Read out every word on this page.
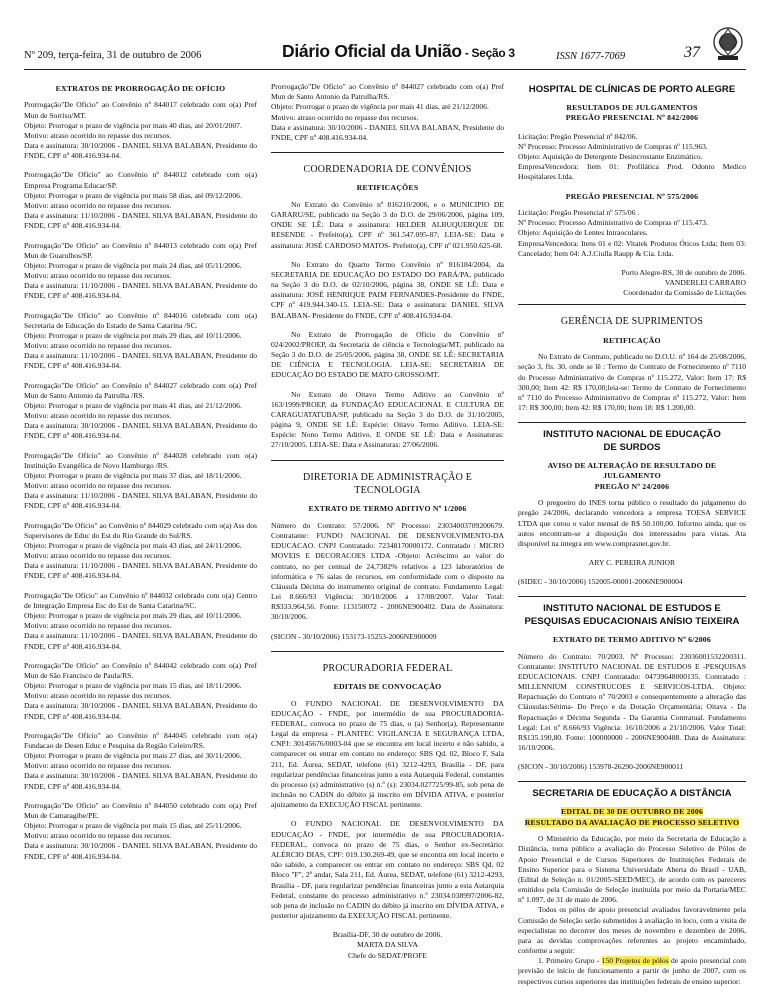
Nº 209, terça-feira, 31 de outubro de 2006	Diário Oficial da União - Seção 3	ISSN 1677-7069	37
EXTRATOS DE PRORROGAÇÃO DE OFÍCIO

Prorrogação"De Ofício" ao Convênio nº 844017 celebrado com o(a) Pref Mun de Sorriso/MT.

Objeto: Prorrogar o prazo de vigência por mais 40 dias, até 20/01/2007.

Motivo: atraso ocorrido no repasse dos recursos.

Data e assinatura: 30/10/2006 - DANIEL SILVA BALABAN, Presidente do FNDE, CPF nº 408.416.934-04.

Prorrogação"De Ofício" ao Convênio nº 844012 celebrado com o(a) Empresa Programa Educar/SP.

Objeto: Prorrogar o prazo de vigência por mais 58 dias, até 09/12/2006.

Motivo: atraso ocorrido no repasse dos recursos.

Data e assinatura: 11/10/2006 - DANIEL SILVA BALABAN, Presidente do FNDE, CPF nº 408.416.934-04.

Prorrogação"De Ofício" ao Convênio nº 844013 celebrado com o(a) Pref Mun de Guarulhos/SP.

Objeto: Prorrogar o prazo de vigência por mais 24 dias, até 05/11/2006.

Motivo: atraso ocorrido no repasse dos recursos.

Data e assinatura: 11/10/2006 - DANIEL SILVA BALABAN, Presidente do FNDE, CPF nº 408.416.934-04.

Prorrogação"De Ofício" ao Convênio nº 844016 celebrado com o(a) Secretaria de Educação do Estado de Santa Catarina /SC.

Objeto: Prorrogar o prazo de vigência por mais 29 dias, até 10/11/2006.

Motivo: atraso ocorrido no repasse dos recursos.

Data e assinatura: 11/10/2006 - DANIEL SILVA BALABAN, Presidente do FNDE, CPF nº 408.416.934-04.

Prorrogação"De Ofício" ao Convênio nº 844027 celebrado com o(a) Pref Mun de Santo Antonio da Patrulha /RS.

Objeto: Prorrogar o prazo de vigência por mais 41 dias, até 21/12/2006.

Motivo: atraso ocorrido no repasse dos recursos.

Data e assinatura: 30/10/2006 - DANIEL SILVA BALABAN, Presidente do FNDE, CPF nº 408.416.934-04.

Prorrogação"De Ofício" ao Convênio nº 844028 celebrado com o(a) Instituição Evangélica de Novo Hamburgo /RS.

Objeto: Prorrogar o prazo de vigência por mais 37 dias, até 18/11/2006.

Motivo: atraso ocorrido no repasse dos recursos.

Data e assinatura: 11/10/2006 - DANIEL SILVA BALABAN, Presidente do FNDE, CPF nº 408.416.934-04.

Prorrogação"De Ofício" ao Convênio nº 844029 celebrado com o(a) Ass dos Supervisores de Educ do Est do Rio Grande do Sul/RS.

Objeto: Prorrogar o prazo de vigência por mais 43 dias, até 24/11/2006.

Motivo: atraso ocorrido no repasse dos recursos.

Data e assinatura: 11/10/2006 - DANIEL SILVA BALABAN, Presidente do FNDE, CPF nº 408.416.934-04.

Prorrogação"De Ofício" ao Convênio nº 844032 celebrado com o(a) Centro de Integração Empresa Esc do Est de Santa Catarina/SC.

Objeto: Prorrogar o prazo de vigência por mais 29 dias, até 10/11/2006.

Motivo: atraso ocorrido no repasse dos recursos.

Data e assinatura: 11/10/2006 - DANIEL SILVA BALABAN, Presidente do FNDE, CPF nº 408.416.934-04.

Prorrogação"De Ofício" ao Convênio nº 844042 celebrado com o(a) Pref Mun de São Francisco de Paula/RS.

Objeto: Prorrogar o prazo de vigência por mais 15 dias, até 18/11/2006.

Motivo: atraso ocorrido no repasse dos recursos.

Data e assinatura: 30/10/2006 - DANIEL SILVA BALABAN, Presidente do FNDE, CPF nº 408.416.934-04.

Prorrogação"De Ofício" ao Convênio nº 844045 celebrado com o(a) Fundacao de Desen Educ e Pesquisa da Região Celeiro/RS.

Objeto: Prorrogar o prazo de vigência por mais 27 dias, até 30/11/2006.

Motivo: atraso ocorrido no repasse dos recursos.

Data e assinatura: 30/10/2006 - DANIEL SILVA BALABAN, Presidente do FNDE, CPF nº 408.416.934-04.

Prorrogação"De Ofício" ao Convênio nº 844050 celebrado com o(a) Pref Mun de Camaragibe/PE.

Objeto: Prorrogar o prazo de vigência por mais 15 dias, até 25/11/2006.

Motivo: atraso ocorrido no repasse dos recursos.

Data e assinatura: 30/10/2006 - DANIEL SILVA BALABAN, Presidente do FNDE, CPF nº 408.416.934-04.

Prorrogação"De Ofício" ao Convênio nº 844027 celebrado com o(a) Pref Mun de Santo Antonio da Patrulha/RS.

Objeto: Prorrogar o prazo de vigência por mais 41 dias, até 21/12/2006.

Motivo: atraso ocorrido no repasse dos recursos.

Data e assinatura: 30/10/2006 - DANIEL SILVA BALABAN, Presidente do FNDE, CPF nº 408.416.934-04.

COORDENADORIA DE CONVÊNIOS
RETIFICAÇÕES

No Extrato do Convênio nº 816210/2006, e o MUNICIPIO DE GARARU/SE, publicado na Seção 3 do D.O. de 29/06/2006, página 109, ONDE SE LÊ: Data e assinatura: HELDER ALBUQUERQUE DE RESENDE - Prefeito(a), CPF nº 361.547.095-87; LEIA-SE: Data e assinatura: JOSÉ CARDOSO MATOS- Prefeito(a), CPF nº 021.950.625-68.

No Extrato do Quarto Termo Convênio nº 816184/2004, da SECRETARIA DE EDUCAÇÃO DO ESTADO DO PARÁ/PA, publicado na Seção 3 do D.O. de 02/10/2006, página 38, ONDE SE LÊ: Data e assinatura: JOSÉ HENRIQUE PAIM FERNANDES-Presidente do FNDE, CPF nº 419.944.340-15. LEIA-SE: Data e assinatura: DANIEL SILVA BALABAN- Presidente do FNDE, CPF nº 408.416.934-04.

No Extrato de Prorrogação de Ofício do Convênio nº 024/2002/PROEP, da Secretaria de ciência e Tecnologia/MT, publicado na Seção 3 do D.O. de 25/05/2006, página 38, ONDE SE LÊ: SECRETARIA DE CIÊNCIA E TECNOLOGIA. LEIA-SE: SECRETARIA DE EDUCAÇÃO DO ESTADO DE MATO GROSSO/MT.

No Extrato do Oitavo Termo Aditivo ao Convênio nº 163/1999/PROEP, da FUNDAÇÃO EDUCACIONAL E CULTURA DE CARAGUATATUBA/SP, publicado na Seção 3 do D.O. de 31/10/2005, página 9, ONDE SE LÊ: Espécie: Oitavo Termo Aditivo. LEIA-SE: Espécie: Nono Termo Aditivo. E ONDE SE LÊ: Data e Assinaturas: 27/10/2005. LEIA-SE: Data e Assinaturas: 27/06/2006.

DIRETORIA DE ADMINISTRAÇÃO E TECNOLOGIA
EXTRATO DE TERMO ADITIVO Nº 1/2006

Número do Contrato: 57/2006. Nº Processo: 23034003709200679. Contratante: FUNDO NACIONAL DE DESENVOLVIMENTO-DA EDUCACAO. CNPJ Contratado: 72348170000172. Contratado : MICRO MOVEIS E DECORACOES LTDA -Objeto: Acréscimo ao valor do contrato, no per centual de 24,7382% relativos a 123 laboratórios de informática e 76 salas de recursos, em conformidade com o disposto na Cláusula Décima do instrumento original de contrato. Fundamento Legal: Lei 8.666/93 Vigência: 30/10/2006 a 17/08/2007. Valor Total: R$333.964,56. Fonte: 113150072 - 2006NE900402. Data de Assinatura: 30/10/2006.

(SICON - 30/10/2006) 153173-15253-2006NE900009

PROCURADORIA FEDERAL
EDITAIS DE CONVOCAÇÃO

O FUNDO NACIONAL DE DESENVOLVIMENTO DA EDUCAÇÃO - FNDE, por intermédio de sua PROCURADORIA-FEDERAL, convoca no prazo de 75 dias, o (a) Senhor(a), Representante Legal da empresa - PLANITEC VIGILANCIA E SEGURANÇA LTDA, CNPJ: 30145676/0003-04 que se encontra em local incerto e não sabido, a comparecer ou entrar em contato no endereço: SBS Qd. 02, Bloco F, Sala 211, Ed. Áurea, SEDAT, telefone (61) 3212-4293, Brasília - DF, para regularizar pendências financeiras junto a esta Autarquia Federal, constantes do processo (s) administrativo (s) n.º (s): 23034.027725/99-85, sob pena de inclusão no CADIN do débito já inscrito em DÍVIDA ATIVA, e posterior ajuizamento da EXECUÇÃO FISCAL pertinente.

O FUNDO NACIONAL DE DESENVOLVIMENTO DA EDUCAÇÃO - FNDE, por intermédio de sua PROCURADORIA-FEDERAL, convoca no prazo de 75 dias, o Senhor ex-Secretário: ALÉRCIO DIAS, CPF: 019.130.269-49, que se encontra em local incerto e não sabido, a comparecer ou entrar em contato no endereço: SBS Qd. 02 Bloco "F", 2º andar, Sala 211, Ed. Áurea, SEDAT, telefone (61) 3212-4293, Brasília - DF, para regularizar pendências financeiras junto a esta Autarquia Federal, constante do processo administrativo n.º 23034.038997/2006-82, sob pena de inclusão no CADIN do débito já inscrito em DÍVIDA ATIVA, e posterior ajuizamento da EXECUÇÃO FISCAL pertinente.

Brasília-DF, 30 de outubro de 2006.

MARTA DA SILVA

Chefe do SEDAT/PROFE

HOSPITAL DE CLÍNICAS DE PORTO ALEGRE
RESULTADOS DE JULGAMENTOS
PREGÃO PRESENCIAL Nº 842/2006

Licitação: Pregão Presencial nº 842/06.

Nº Processo: Processo Administrativo de Compras nº 115.963.

Objeto: Aquisição de Detergente Desincrostante Enzimático.

EmpresaVencedora: Item 01: Profilática Prod. Odonto Medico Hospitalares Ltda.

PREGÃO PRESENCIAL Nº 575/2006

Licitação: Pregão Presencial nº 575/06 .

Nº Processo: Processo Administrativo de Compras nº 115.473.

Objeto: Aquisição de Lentes Intraoculares.

EmpresaVencedora: Itens 01 e 02: Vitatek Produtos Óticos Ltda; Item 03: Cancelado; Item 04: A.J.Ciulla Raupp & Cia. Ltda.

Porto Alegre-RS, 30 de outubro de 2006.

VANDERLEI CARRARO

Coordenador da Comissão de Licitações

GERÊNCIA DE SUPRIMENTOS
RETIFICAÇÃO

No Extrato de Contrato, publicado no D.O.U. nº 164 de 25/08/2006, seção 3, fls. 30, onde se lê : Termo de Contrato de Fornecimento nº 7110 do Processo Administrativo de Compras nº 115.272, Valor: Item 17: R$ 300,00; Item 42: R$ 170,00;leia-se: Termo de Contrato de Fornecimento nº 7110 do Processo Administrativo de Compras nº 115.272, Valor: Item 17: R$ 300,00; Item 42: R$ 170,00; Item 18: R$ 1.200,00.

INSTITUTO NACIONAL DE EDUCAÇÃO
DE SURDOS
AVISO DE ALTERAÇÃO DE RESULTADO DE JULGAMENTO
PREGÃO Nº 24/2006

O pregoeiro do INES torna público o resultado do julgamento do pregão 24/2006, declarando vencedora a empresa TOESA SERVICE LTDA que cotou o valor mensal de R$ 50.100,00. Informo ainda, que os autos encontram-se a disposição dos interessados para vistas. Ata disponível na integra em www.comprasnet.gov.br.

ARY C. PEREIRA JUNIOR

(SIDEC - 30/10/2006) 152005-00001-2006NE900004

INSTITUTO NACIONAL DE ESTUDOS E
PESQUISAS EDUCACIONAIS ANÍSIO TEIXEIRA
EXTRATO DE TERMO ADITIVO Nº 6/2006

Número do Contrato: 70/2003. Nº Processo: 23036001532200311. Contratante: INSTITUTO NACIONAL DE ESTUDOS E -PESQUISAS EDUCACIONAIS. CNPJ Contratado: 04739648000135. Contratado : MILLENNIUM CONSTRUCOES E SERVICOS-LTDA. Objeto: Repactuação do Contrato nº 70/2003 e consequentemente a alteração das Cláusulas:Sétima- Do Preço e da Dotação Orçamentária; Oitava - Da Repactuação e Décima Segunda - Da Garantia Contratual. Fundamento Legal: Lei nº 8.666/93 Vigência: 16/10/2006 a 21/10/2006. Valor Total: R$135.190,80. Fonte: 100000000 - 2006NE900488. Data de Assinatura: 16/10/2006.

(SICON - 30/10/2006) 153978-26290-2006NE900011

SECRETARIA DE EDUCAÇÃO A DISTÂNCIA
EDITAL DE 30 DE OUTUBRO DE 2006
RESULTADO DA AVALIAÇÃO DE PROCESSO SELETIVO

O Ministério da Educação, por meio da Secretaria de Educação a Distância, torna público a avaliação do Processo Seletivo de Pólos de Apoio Presencial e de Cursos Superiores de Instituições Federais de Ensino Superior para o Sistema Universidade Aberta do Brasil - UAB, (Edital de Seleção n. 01/2005-SEED/MEC), de acordo com os pareceres emitidos pela Comissão de Seleção instituída por meio da Portaria/MEC nº 1.097, de 31 de maio de 2006.

Todos os pólos de apoio presencial avaliados favoravelmente pela Comissão de Seleção serão submetidos à avaliação in loco, com a visita de especialistas no decorrer dos meses de novembro e dezembro de 2006, para as devidas comprovações referentes ao projeto encaminhado, conforme a seguir:

1. Primeiro Grupo - 150 Projetos de pólos de apoio presencial com previsão de início de funcionamento a partir de junho de 2007, com os respectivos cursos superiores das instituições federais de ensino superior:
